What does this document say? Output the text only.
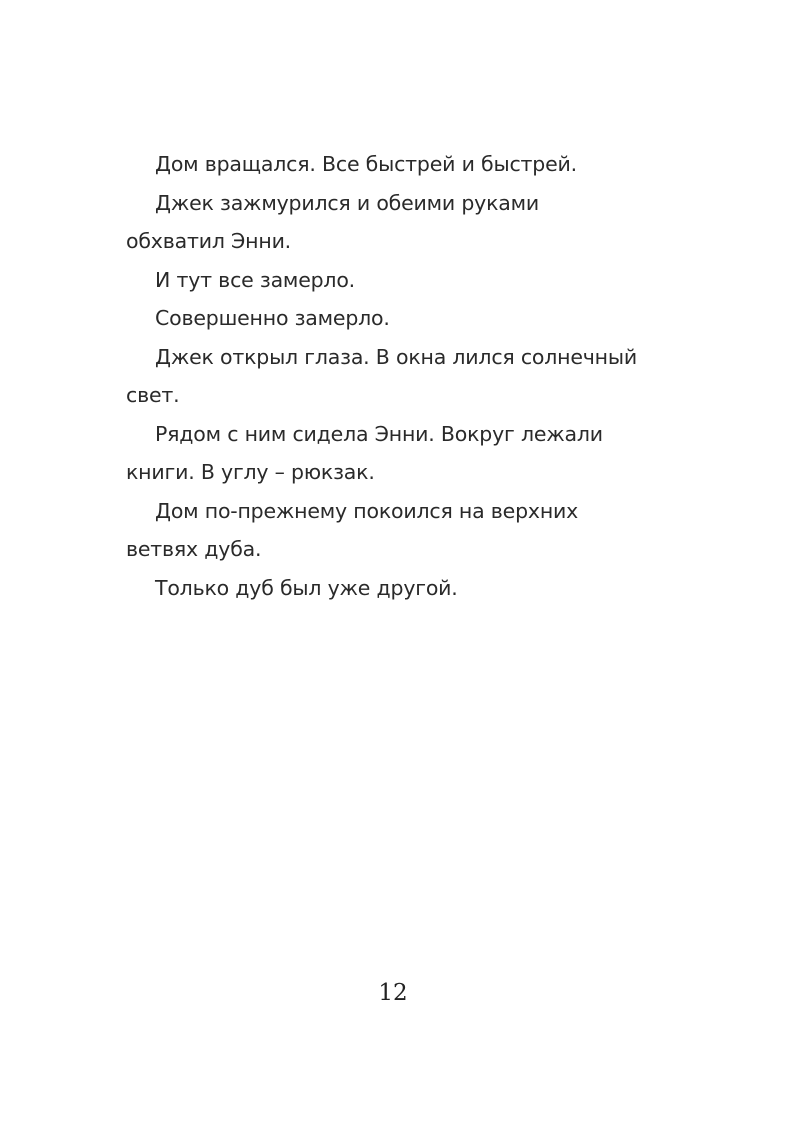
Дом вращался. Все быстрей и быстрей.

Джек зажмурился и обеими руками
обхватил Энни.

И тут все замерло.

Совершенно замерло.

Джек открыл глаза. В окна лился солнечный
свет.

Рядом с ним сидела Энни. Вокруг лежали
книги. В углу – рюкзак.

Дом по-прежнему покоился на верхних
ветвях дуба.

Только дуб был уже другой.

12
